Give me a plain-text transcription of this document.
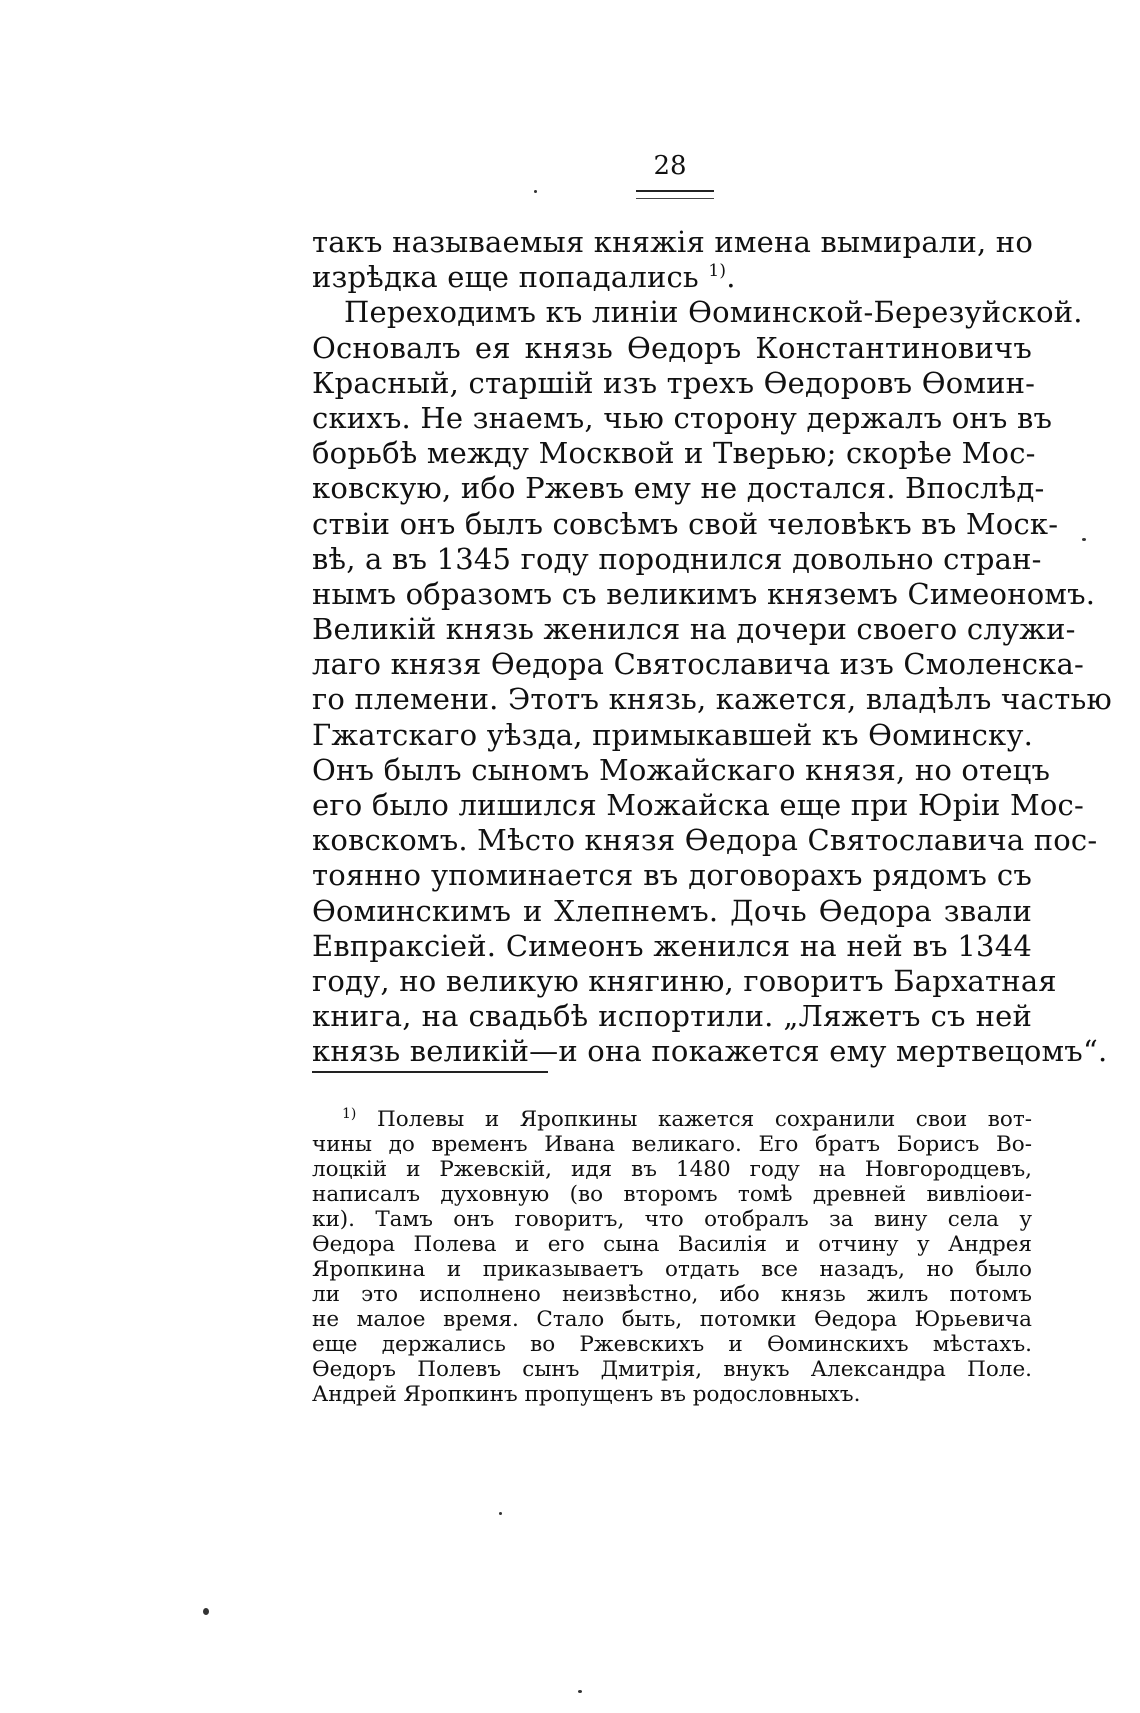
28
такъ называемыя княжія имена вымирали, но
изрѣдка еще попадались $^{1)}$.
Переходимъ къ линіи Ѳоминской-Березуйской.
Основалъ ея князь Ѳедоръ Константиновичъ
Красный, старшій изъ трехъ Ѳедоровъ Ѳомин-
скихъ. Не знаемъ, чью сторону держалъ онъ въ
борьбѣ между Москвой и Тверью; скорѣе Мос-
ковскую, ибо Ржевъ ему не достался. Впослѣд-
ствіи онъ былъ совсѣмъ свой человѣкъ въ Моск-
вѣ, а въ 1345 году породнился довольно стран-
нымъ образомъ съ великимъ княземъ Симеономъ.
Великій князь женился на дочери своего служи-
лаго князя Ѳедора Святославича изъ Смоленска-
го племени. Этотъ князь, кажется, владѣлъ частью
Гжатскаго уѣзда, примыкавшей къ Ѳоминску.
Онъ былъ сыномъ Можайскаго князя, но отецъ
его было лишился Можайска еще при Юріи Мос-
ковскомъ. Мѣсто князя Ѳедора Святославича пос-
тоянно упоминается въ договорахъ рядомъ съ
Ѳоминскимъ и Хлепнемъ. Дочь Ѳедора звали
Евпраксіей. Симеонъ женился на ней въ 1344
году, но великую княгиню, говоритъ Бархатная
книга, на свадьбѣ испортили. „Ляжетъ съ ней
князь великій—и она покажется ему мертвецомъ“.
$^{1)}$ Полевы и Яропкины кажется сохранили свои вот-
чины до временъ Ивана великаго. Его братъ Борисъ Во-
лоцкій и Ржевскій, идя въ 1480 году на Новгородцевъ,
написалъ духовную (во второмъ томѣ древней вивліоѳи-
ки). Тамъ онъ говоритъ, что отобралъ за вину села у
Ѳедора Полева и его сына Василія и отчину у Андрея
Яропкина и приказываетъ отдать все назадъ, но было
ли это исполнено неизвѣстно, ибо князь жилъ потомъ
не малое время. Стало быть, потомки Ѳедора Юрьевича
еще держались во Ржевскихъ и Ѳоминскихъ мѣстахъ.
Ѳедоръ Полевъ сынъ Дмитрія, внукъ Александра Поле.
Андрей Яропкинъ пропущенъ въ родословныхъ.
